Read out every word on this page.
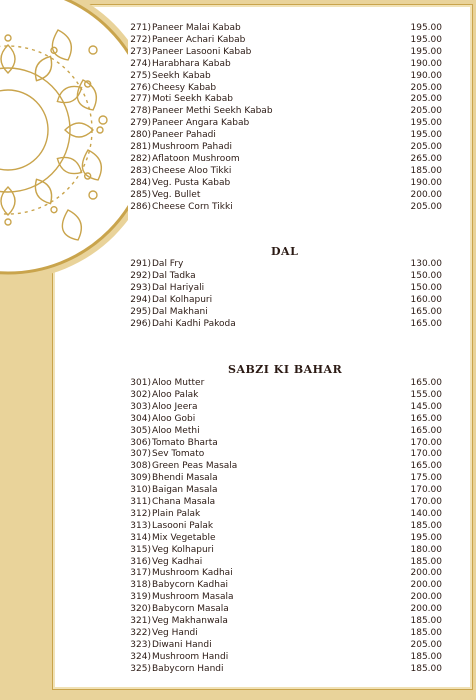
271) Paneer Malai Kabab	195.00
272) Paneer Achari Kabab	195.00
273) Paneer Lasooni Kabab	195.00
274) Harabhara Kabab	190.00
275) Seekh Kabab	190.00
276) Cheesy Kabab	205.00
277) Moti Seekh Kabab	205.00
278) Paneer Methi Seekh Kabab	205.00
279) Paneer Angara Kabab	195.00
280) Paneer Pahadi	195.00
281) Mushroom Pahadi	205.00
282) Aflatoon Mushroom	265.00
283) Cheese Aloo Tikki	185.00
284) Veg. Pusta Kabab	190.00
285) Veg. Bullet	200.00
286) Cheese Corn Tikki	205.00
DAL
291) Dal Fry	130.00
292) Dal Tadka	150.00
293) Dal Hariyali	150.00
294) Dal Kolhapuri	160.00
295) Dal Makhani	165.00
296) Dahi Kadhi Pakoda	165.00
SABZI KI BAHAR
301) Aloo Mutter	165.00
302) Aloo Palak	155.00
303) Aloo Jeera	145.00
304) Aloo Gobi	165.00
305) Aloo Methi	165.00
306) Tomato Bharta	170.00
307) Sev Tomato	170.00
308) Green Peas Masala	165.00
309) Bhendi Masala	175.00
310) Baigan Masala	170.00
311) Chana Masala	170.00
312) Plain Palak	140.00
313) Lasooni Palak	185.00
314) Mix Vegetable	195.00
315) Veg Kolhapuri	180.00
316) Veg Kadhai	185.00
317) Mushroom Kadhai	200.00
318) Babycorn Kadhai	200.00
319) Mushroom Masala	200.00
320) Babycorn Masala	200.00
321) Veg Makhanwala	185.00
322) Veg Handi	185.00
323) Diwani Handi	205.00
324) Mushroom Handi	185.00
325) Babycorn Handi	185.00
